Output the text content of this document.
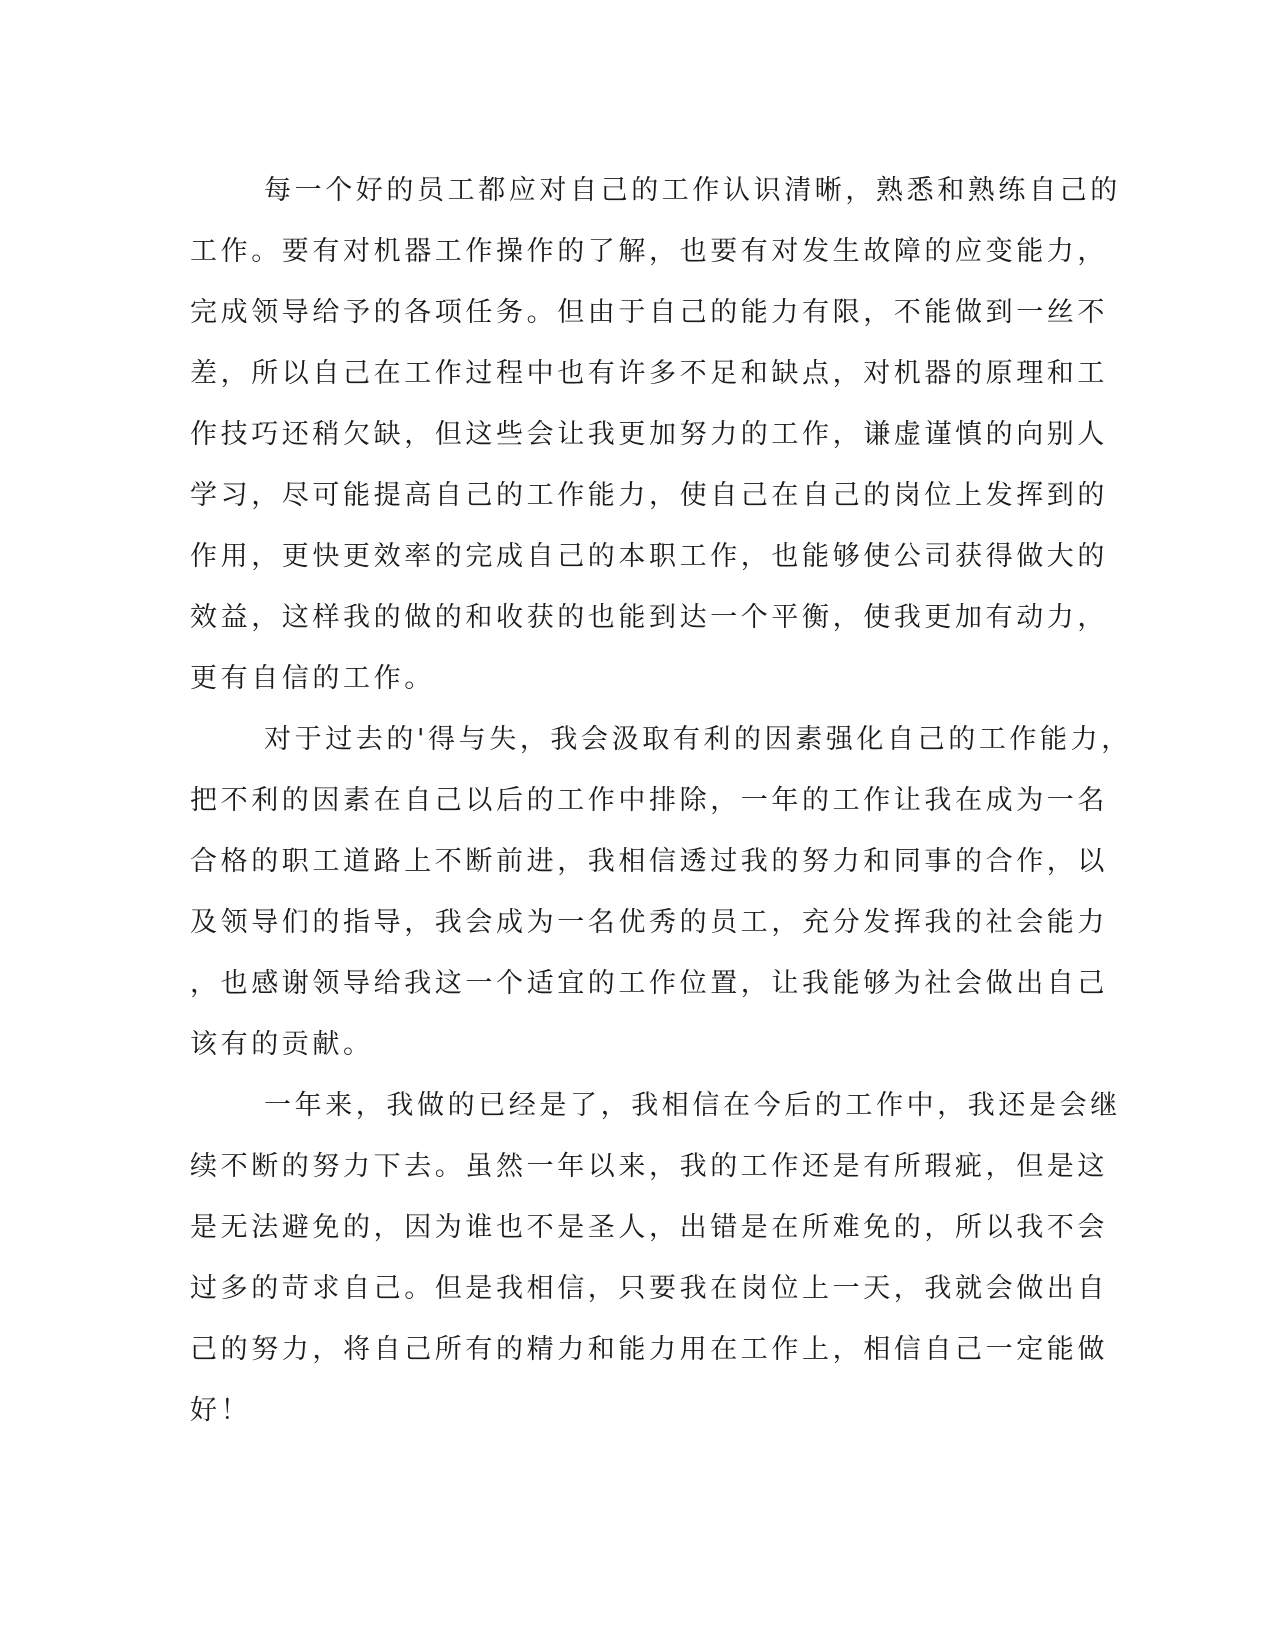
每一个好的员工都应对自己的工作认识清晰，熟悉和熟练自己的
工作。要有对机器工作操作的了解，也要有对发生故障的应变能力，
完成领导给予的各项任务。但由于自己的能力有限，不能做到一丝不
差，所以自己在工作过程中也有许多不足和缺点，对机器的原理和工
作技巧还稍欠缺，但这些会让我更加努力的工作，谦虚谨慎的向别人
学习，尽可能提高自己的工作能力，使自己在自己的岗位上发挥到的
作用，更快更效率的完成自己的本职工作，也能够使公司获得做大的
效益，这样我的做的和收获的也能到达一个平衡，使我更加有动力，
更有自信的工作。
对于过去的'得与失，我会汲取有利的因素强化自己的工作能力，
把不利的因素在自己以后的工作中排除，一年的工作让我在成为一名
合格的职工道路上不断前进，我相信透过我的努力和同事的合作，以
及领导们的指导，我会成为一名优秀的员工，充分发挥我的社会能力
，也感谢领导给我这一个适宜的工作位置，让我能够为社会做出自己
该有的贡献。
一年来，我做的已经是了，我相信在今后的工作中，我还是会继
续不断的努力下去。虽然一年以来，我的工作还是有所瑕疵，但是这
是无法避免的，因为谁也不是圣人，出错是在所难免的，所以我不会
过多的苛求自己。但是我相信，只要我在岗位上一天，我就会做出自
己的努力，将自己所有的精力和能力用在工作上，相信自己一定能做
好！
